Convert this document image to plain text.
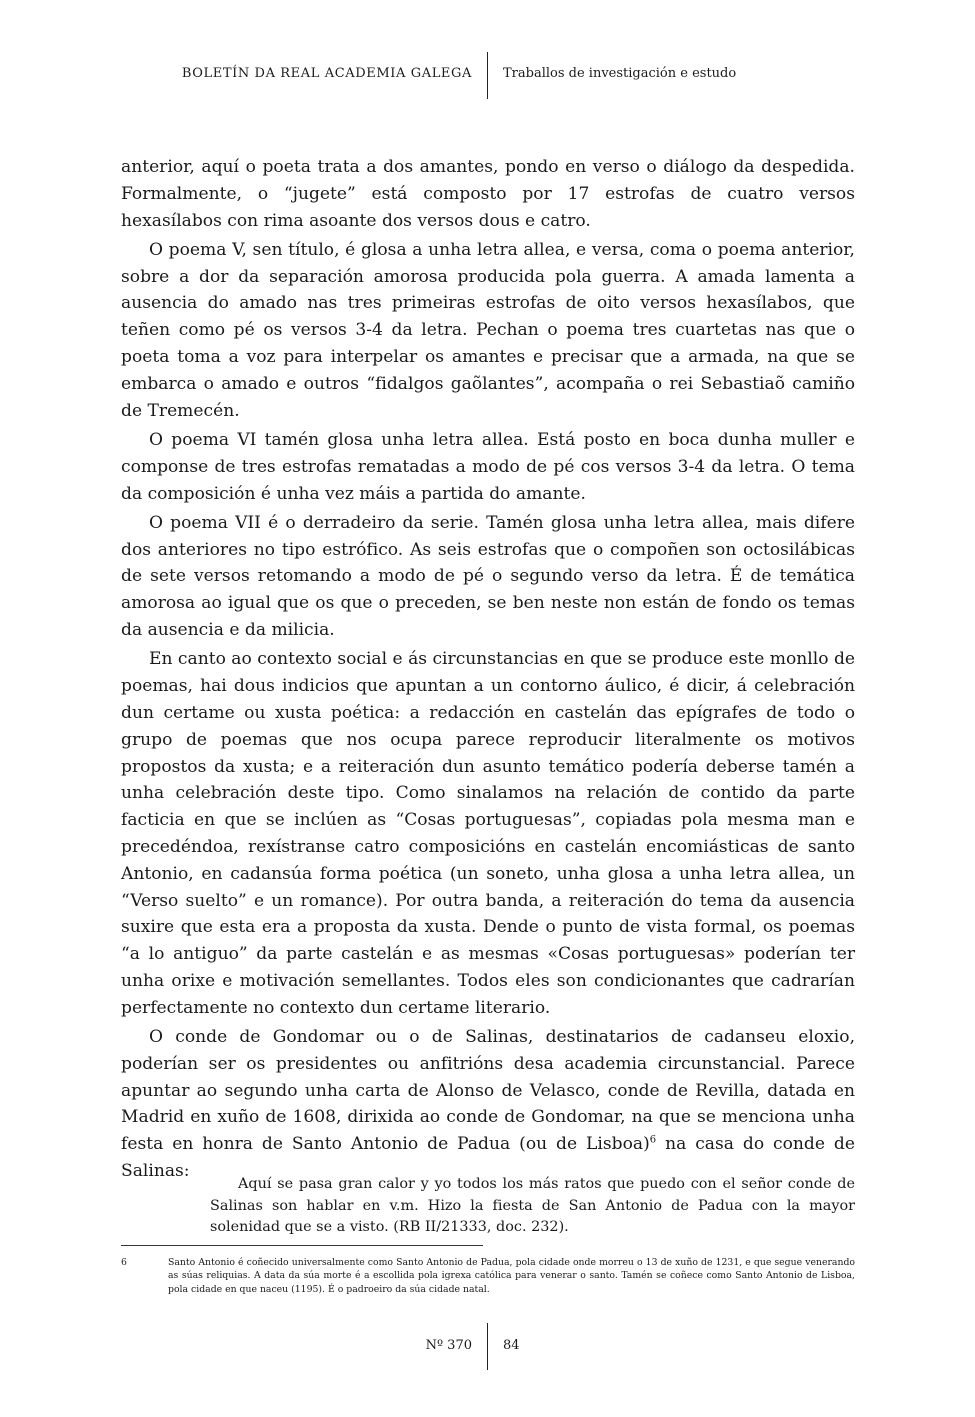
BOLETÍN DA REAL ACADEMIA GALEGA Traballos de investigación e estudo

anterior, aquí o poeta trata a dos amantes, pondo en verso o diálogo da despedida. Formalmente, o “jugete” está composto por 17 estrofas de cuatro versos hexasílabos con rima asoante dos versos dous e catro.

O poema V, sen título, é glosa a unha letra allea, e versa, coma o poema anterior, sobre a dor da separación amorosa producida pola guerra. A amada lamenta a ausencia do amado nas tres primeiras estrofas de oito versos hexasílabos, que teñen como pé os versos 3-4 da letra. Pechan o poema tres cuartetas nas que o poeta toma a voz para interpelar os amantes e precisar que a armada, na que se embarca o amado e outros “fidalgos gaõlantes”, acompaña o rei Sebastiaõ camiño de Tremecén.

O poema VI tamén glosa unha letra allea. Está posto en boca dunha muller e componse de tres estrofas rematadas a modo de pé cos versos 3-4 da letra. O tema da composición é unha vez máis a partida do amante.

O poema VII é o derradeiro da serie. Tamén glosa unha letra allea, mais difere dos anteriores no tipo estrófico. As seis estrofas que o compoñen son octosilábicas de sete versos retomando a modo de pé o segundo verso da letra. É de temática amorosa ao igual que os que o preceden, se ben neste non están de fondo os temas da ausencia e da milicia.

En canto ao contexto social e ás circunstancias en que se produce este monllo de poemas, hai dous indicios que apuntan a un contorno áulico, é dicir, á celebración dun certame ou xusta poética: a redacción en castelán das epígrafes de todo o grupo de poemas que nos ocupa parece reproducir literalmente os motivos propostos da xusta; e a reiteración dun asunto temático podería deberse tamén a unha celebración deste tipo. Como sinalamos na relación de contido da parte facticia en que se inclúen as “Cosas portuguesas”, copiadas pola mesma man e precedéndoa, rexístranse catro composicións en castelán encomiásticas de santo Antonio, en cadansúa forma poética (un soneto, unha glosa a unha letra allea, un “Verso suelto” e un romance). Por outra banda, a reiteración do tema da ausencia suxire que esta era a proposta da xusta. Dende o punto de vista formal, os poemas “a lo antiguo” da parte castelán e as mesmas «Cosas portuguesas» poderían ter unha orixe e motivación semellantes. Todos eles son condicionantes que cadrarían perfectamente no contexto dun certame literario.

O conde de Gondomar ou o de Salinas, destinatarios de cadanseu eloxio, poderían ser os presidentes ou anfitrións desa academia circunstancial. Parece apuntar ao segundo unha carta de Alonso de Velasco, conde de Revilla, datada en Madrid en xuño de 1608, dirixida ao conde de Gondomar, na que se menciona unha festa en honra de Santo Antonio de Padua (ou de Lisboa)$^6$ na casa do conde de Salinas:

Aquí se pasa gran calor y yo todos los más ratos que puedo con el señor conde de Salinas son hablar en v.m. Hizo la fiesta de San Antonio de Padua con la mayor solenidad que se a visto. (RB II/21333, doc. 232).

6	Santo Antonio é coñecido universalmente como Santo Antonio de Padua, pola cidade onde morreu o 13 de xuño de 1231, e que segue venerando as súas reliquias. A data da súa morte é a escollida pola igrexa católica para venerar o santo. Tamén se coñece como Santo Antonio de Lisboa, pola cidade en que naceu (1195). É o padroeiro da súa cidade natal.

Nº 370 84
